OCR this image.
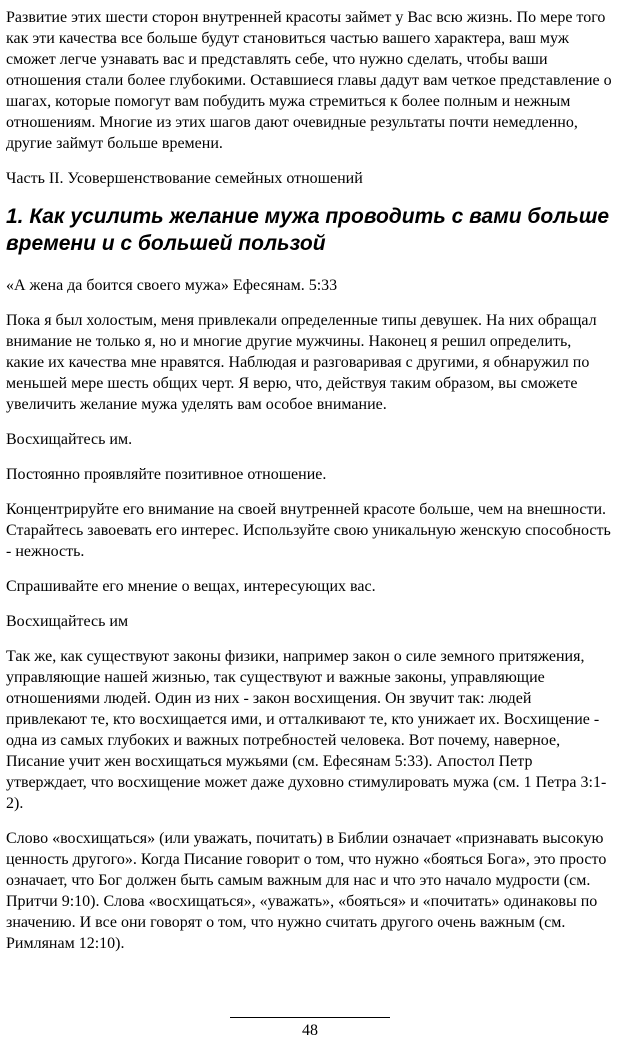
Развитие этих шести сторон внутренней красоты займет у Вас всю жизнь. По мере того как эти качества все больше будут становиться частью вашего характера, ваш муж сможет легче узнавать вас и представлять себе, что нужно сделать, чтобы ваши отношения стали более глубокими. Оставшиеся главы дадут вам четкое представление о шагах, которые помогут вам побудить мужа стремиться к более полным и нежным отношениям. Многие из этих шагов дают очевидные результаты почти немедленно, другие займут больше времени.

Часть II. Усовершенствование семейных отношений

1. Как усилить желание мужа проводить с вами больше времени и с большей пользой

«А жена да боится своего мужа» Ефесянам. 5:33

Пока я был холостым, меня привлекали определенные типы девушек. На них обращал внимание не только я, но и многие другие мужчины. Наконец я решил определить, какие их качества мне нравятся. Наблюдая и разговаривая с другими, я обнаружил по меньшей мере шесть общих черт. Я верю, что, действуя таким образом, вы сможете увеличить желание мужа уделять вам особое внимание.

Восхищайтесь им.

Постоянно проявляйте позитивное отношение.

Концентрируйте его внимание на своей внутренней красоте больше, чем на внешности. Старайтесь завоевать его интерес. Используйте свою уникальную женскую способность - нежность.

Спрашивайте его мнение о вещах, интересующих вас.

Восхищайтесь им

Так же, как существуют законы физики, например закон о силе земного притяжения, управляющие нашей жизнью, так существуют и важные законы, управляющие отношениями людей. Один из них - закон восхищения. Он звучит так: людей привлекают те, кто восхищается ими, и отталкивают те, кто унижает их. Восхищение - одна из самых глубоких и важных потребностей человека. Вот почему, наверное, Писание учит жен восхищаться мужьями (см. Ефесянам 5:33). Апостол Петр утверждает, что восхищение может даже духовно стимулировать мужа (см. 1 Петра 3:1-2).

Слово «восхищаться» (или уважать, почитать) в Библии означает «признавать высокую ценность другого». Когда Писание говорит о том, что нужно «бояться Бога», это просто означает, что Бог должен быть самым важным для нас и что это начало мудрости (см. Притчи 9:10). Слова «восхищаться», «уважать», «бояться» и «почитать» одинаковы по значению. И все они говорят о том, что нужно считать другого очень важным (см. Римлянам 12:10).

48
